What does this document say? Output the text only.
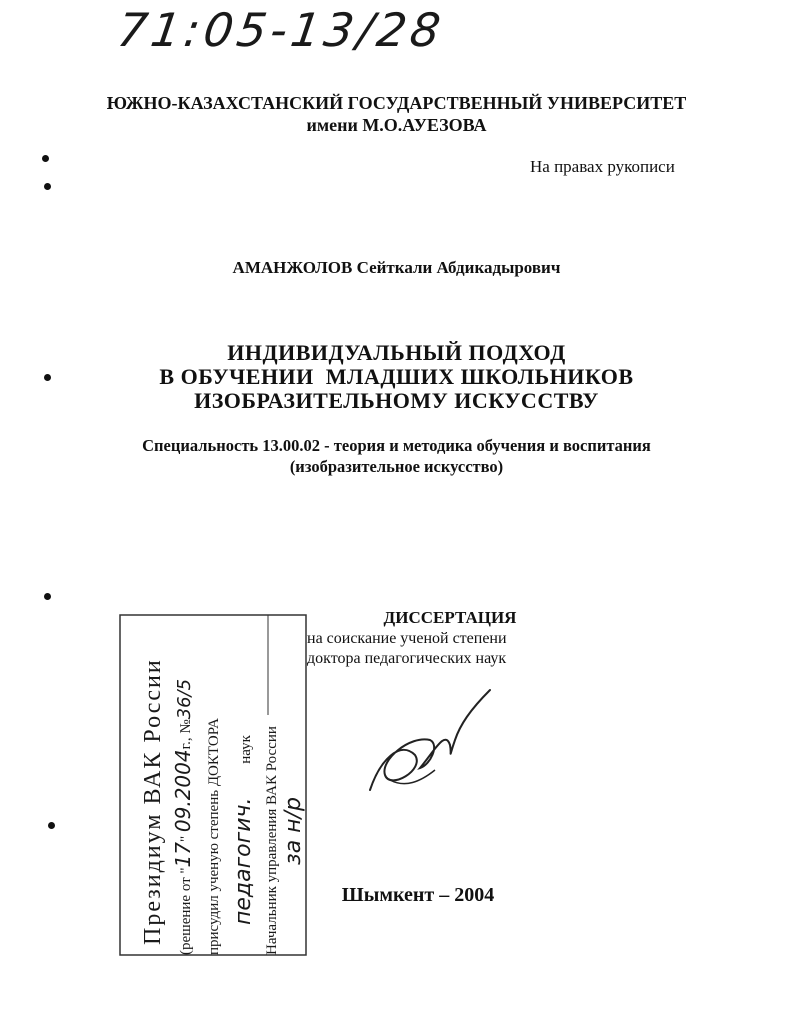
71:05-13/28
ЮЖНО-КАЗАХСТАНСКИЙ ГОСУДАРСТВЕННЫЙ УНИВЕРСИТЕТ
имени М.О.АУЕЗОВА
На правах рукописи
АМАНЖОЛОВ Сейткали Абдикадырович
ИНДИВИДУАЛЬНЫЙ ПОДХОД
В ОБУЧЕНИИ  МЛАДШИХ ШКОЛЬНИКОВ
ИЗОБРАЗИТЕЛЬНОМУ ИСКУССТВУ
Специальность 13.00.02 - теория и методика обучения и воспитания
(изобразительное искусство)
ДИССЕРТАЦИЯ
на соискание ученой степени
доктора педагогических наук
Президиум ВАК России (решение от "17" 09.2004г., №36/5
присудил ученую степень ДОКТОРА педагогич. наук Начальник управления ВАК России за н/р
Шымкент – 2004
